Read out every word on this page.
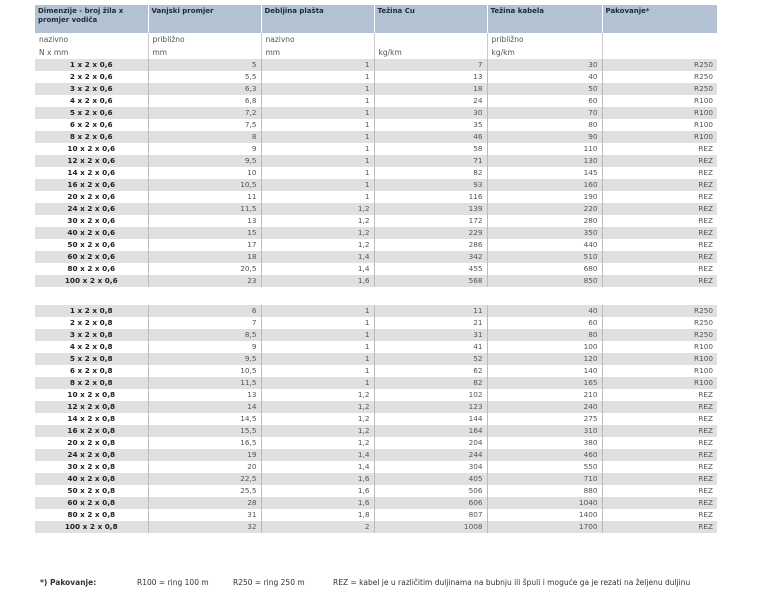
Dimenzije - broj žila x promjer vodiča	Vanjski promjer	Debljina plašta	Težina Cu	Težina kabela	Pakovanje*
nazivno	približno	nazivno		približno	
N x mm	mm	mm	kg/km	kg/km	
1 x 2 x 0,6	5	1	7	30	R250
2 x 2 x 0,6	5,5	1	13	40	R250
3 x 2 x 0,6	6,3	1	18	50	R250
4 x 2 x 0,6	6,8	1	24	60	R100
5 x 2 x 0,6	7,2	1	30	70	R100
6 x 2 x 0,6	7,5	1	35	80	R100
8 x 2 x 0,6	8	1	46	90	R100
10 x 2 x 0,6	9	1	58	110	REZ
12 x 2 x 0,6	9,5	1	71	130	REZ
14 x 2 x 0,6	10	1	82	145	REZ
16 x 2 x 0,6	10,5	1	93	160	REZ
20 x 2 x 0,6	11	1	116	190	REZ
24 x 2 x 0,6	11,5	1,2	139	220	REZ
30 x 2 x 0,6	13	1,2	172	280	REZ
40 x 2 x 0,6	15	1,2	229	350	REZ
50 x 2 x 0,6	17	1,2	286	440	REZ
60 x 2 x 0,6	18	1,4	342	510	REZ
80 x 2 x 0,6	20,5	1,4	455	680	REZ
100 x 2 x 0,6	23	1,6	568	850	REZ

1 x 2 x 0,8	6	1	11	40	R250
2 x 2 x 0,8	7	1	21	60	R250
3 x 2 x 0,8	8,5	1	31	80	R250
4 x 2 x 0,8	9	1	41	100	R100
5 x 2 x 0,8	9,5	1	52	120	R100
6 x 2 x 0,8	10,5	1	62	140	R100
8 x 2 x 0,8	11,5	1	82	165	R100
10 x 2 x 0,8	13	1,2	102	210	REZ
12 x 2 x 0,8	14	1,2	123	240	REZ
14 x 2 x 0,8	14,5	1,2	144	275	REZ
16 x 2 x 0,8	15,5	1,2	164	310	REZ
20 x 2 x 0,8	16,5	1,2	204	380	REZ
24 x 2 x 0,8	19	1,4	244	460	REZ
30 x 2 x 0,8	20	1,4	304	550	REZ
40 x 2 x 0,8	22,5	1,6	405	710	REZ
50 x 2 x 0,8	25,5	1,6	506	880	REZ
60 x 2 x 0,8	28	1,6	606	1040	REZ
80 x 2 x 0,8	31	1,8	807	1400	REZ
100 x 2 x 0,8	32	2	1008	1700	REZ
*) Pakovanje:	R100 = ring 100 m	R250 = ring 250 m	REZ = kabel je u različitim duljinama na bubnju ili špuli i moguće ga je rezati na željenu duljinu
